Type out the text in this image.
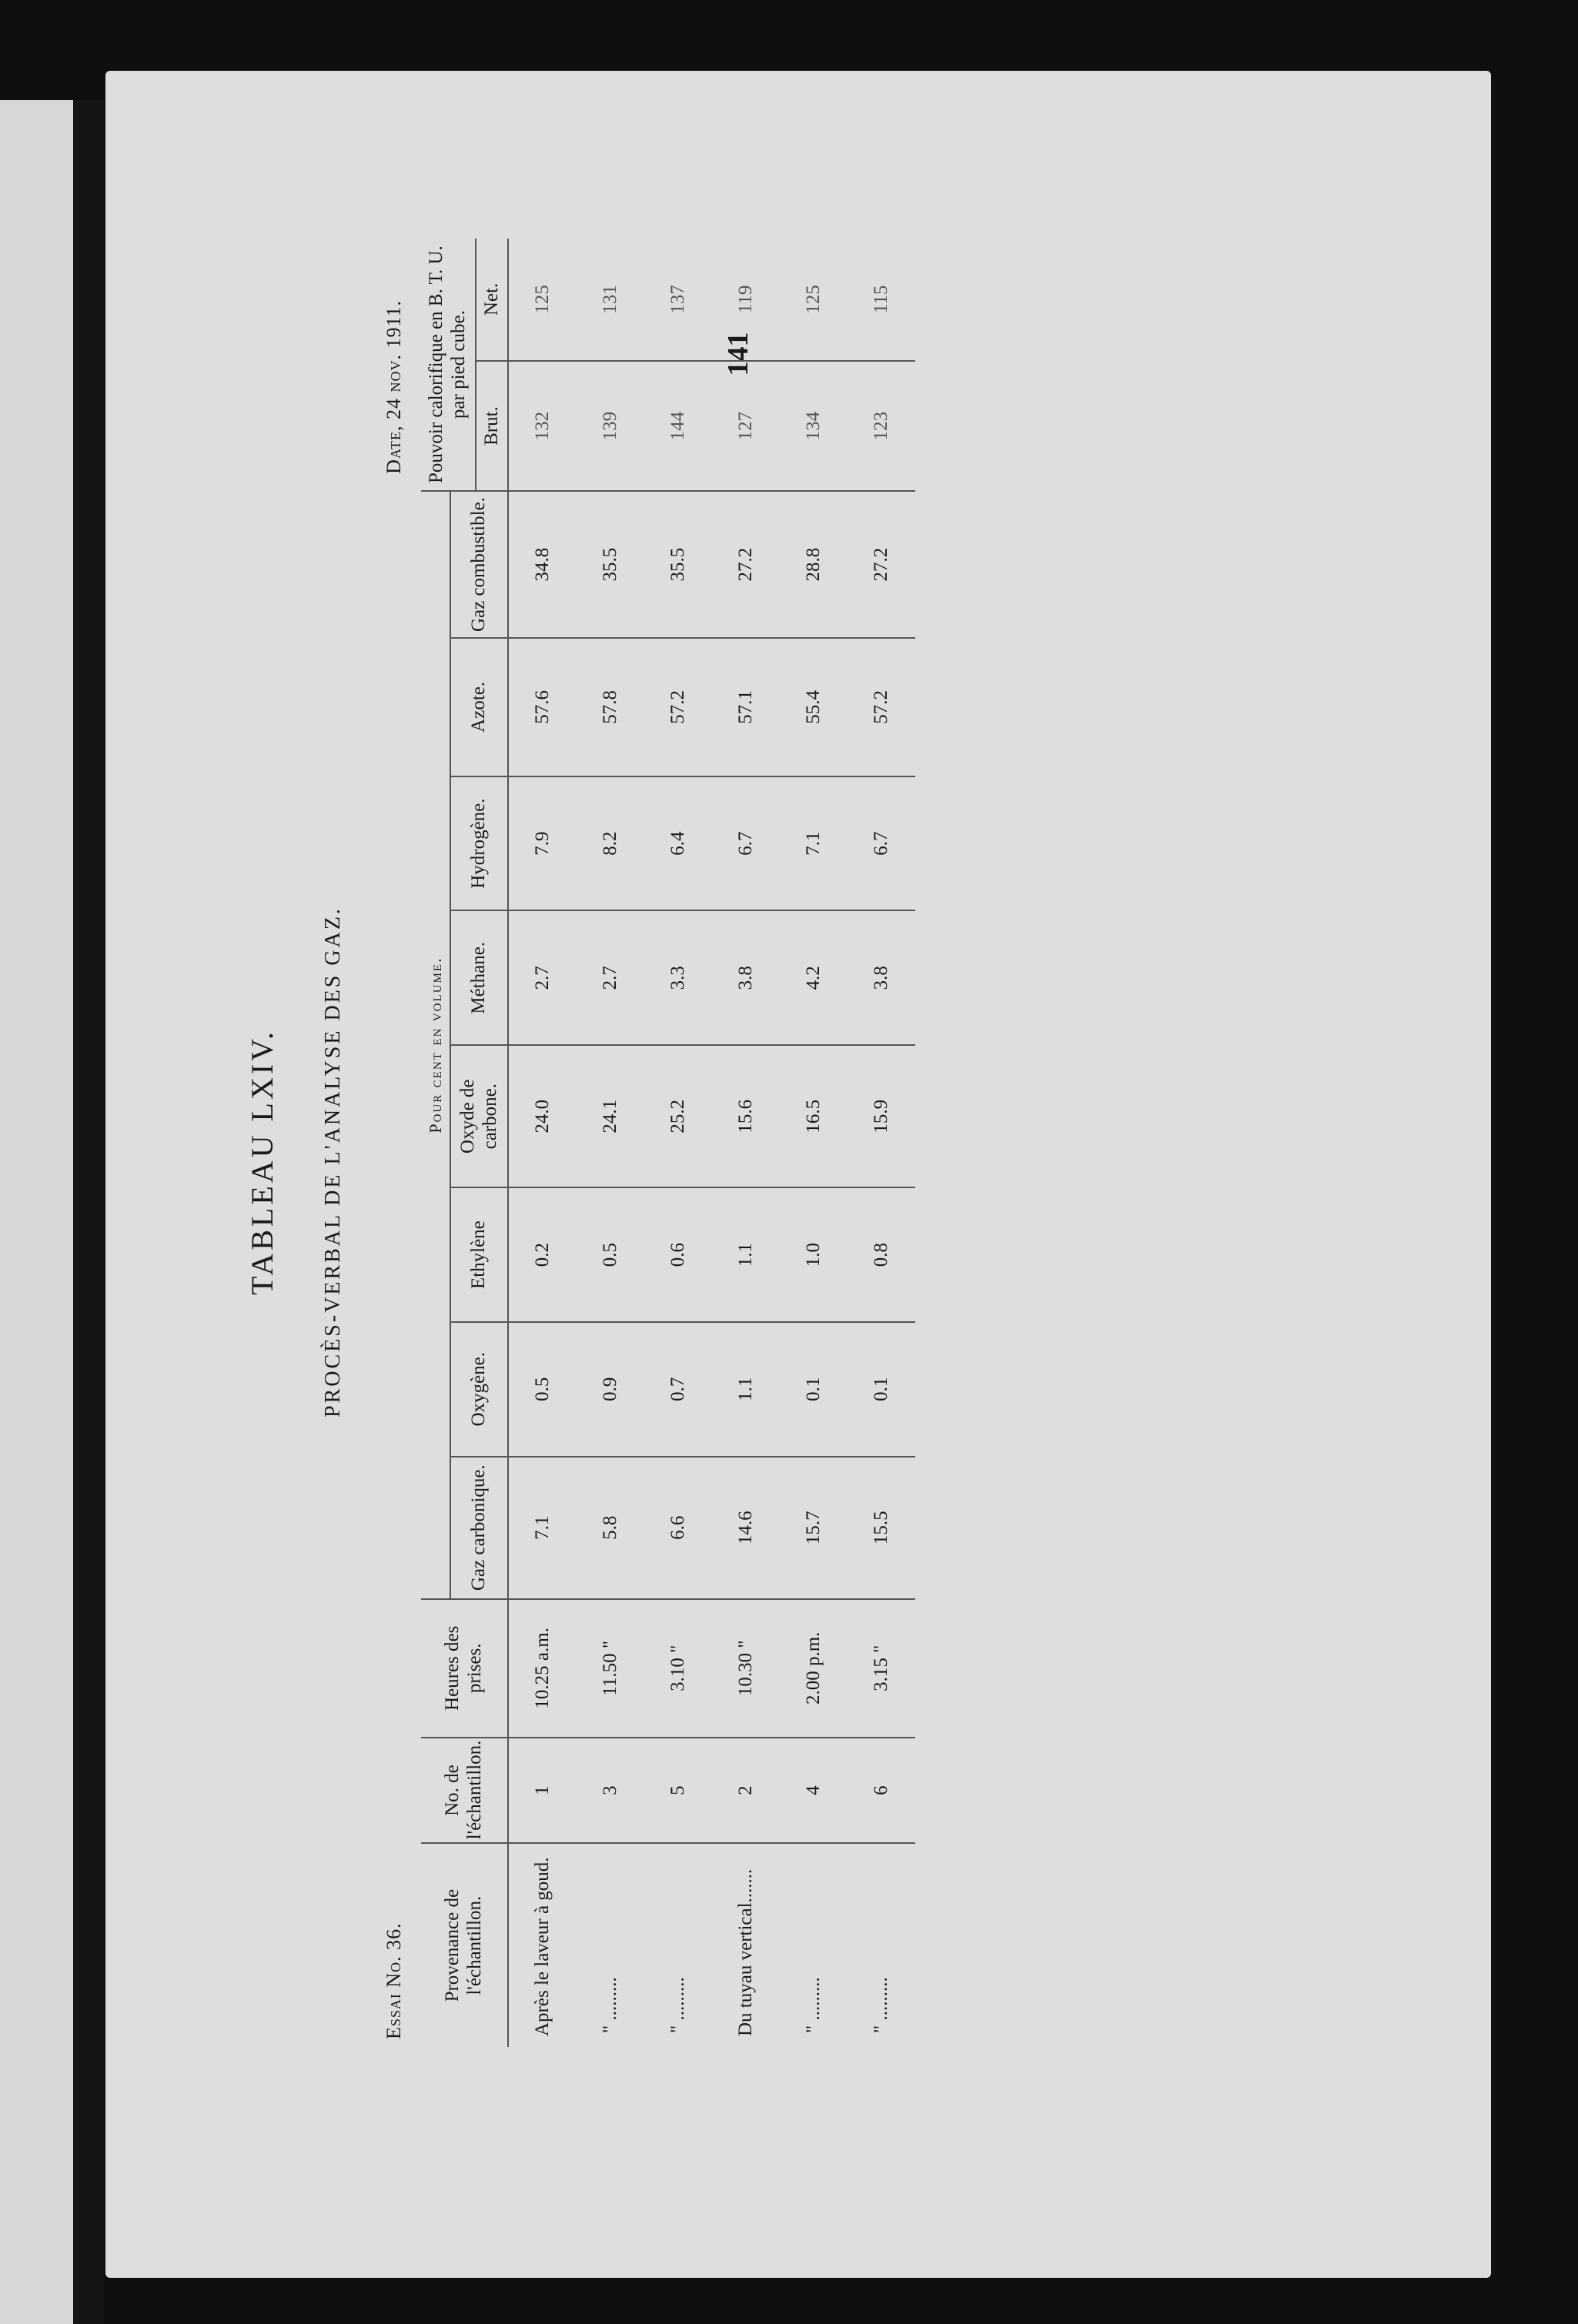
141
TABLEAU LXIV. PROCÈS-VERBAL DE L'ANALYSE DES GAZ.
Essai No. 36.
Date, 24 nov. 1911.
Provenance de l'échantillon.	No. de l'échantillon.	Heures des prises.	Pour cent en volume.								Pouvoir calorifique en B. T. U. par pied cube.	
			Gaz carbonique.	Oxygène.	Ethylène	Oxyde de carbone.	Méthane.	Hydrogène.	Azote.	Gaz combustible.		
											Brut.	Net.
Après le laveur à goud.	1	10.25 a.m.	7.1	0.5	0.2	24.0	2.7	7.9	57.6	34.8	132	125
" .........	3	11.50 "	5.8	0.9	0.5	24.1	2.7	8.2	57.8	35.5	139	131
" .........	5	3.10 "	6.6	0.7	0.6	25.2	3.3	6.4	57.2	35.5	144	137
Du tuyau vertical.......	2	10.30 "	14.6	1.1	1.1	15.6	3.8	6.7	57.1	27.2	127	119
" .........	4	2.00 p.m.	15.7	0.1	1.0	16.5	4.2	7.1	55.4	28.8	134	125
" .........	6	3.15 "	15.5	0.1	0.8	15.9	3.8	6.7	57.2	27.2	123	115
